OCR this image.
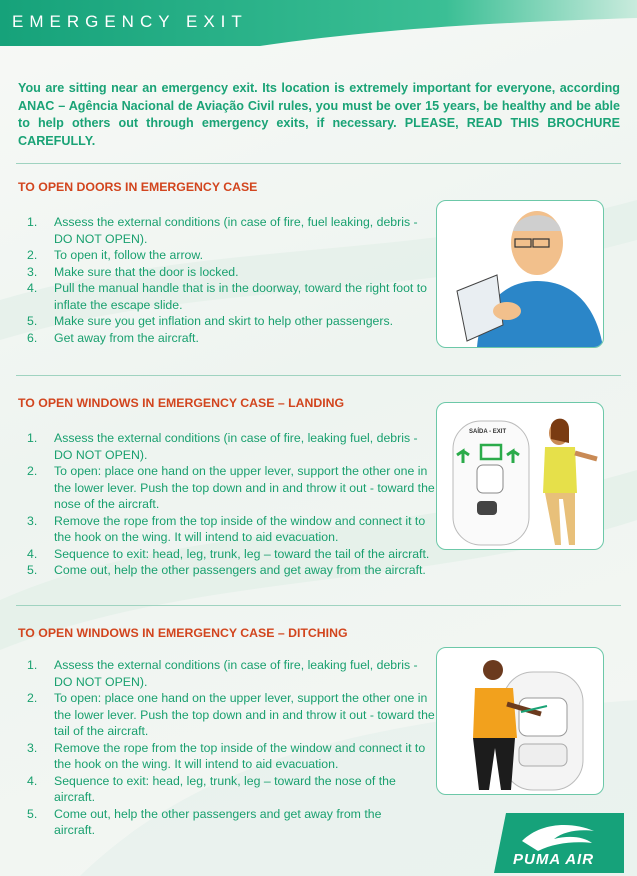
EMERGENCY EXIT
You are sitting near an emergency exit. Its location is extremely important for everyone, according ANAC – Agência Nacional de Aviação Civil rules, you must be over 15 years, be healthy and be able to help others out through emergency exits, if necessary. PLEASE, READ THIS BROCHURE CAREFULLY.
TO OPEN DOORS IN EMERGENCY CASE
1. Assess the external conditions (in case of fire, fuel leaking, debris - DO NOT OPEN).
2. To open it, follow the arrow.
3. Make sure that the door is locked.
4. Pull the manual handle that is in the doorway, toward the right foot to inflate the escape slide.
5. Make sure you get inflation and skirt to help other passengers.
6. Get away from the aircraft.
TO OPEN WINDOWS IN EMERGENCY CASE – LANDING
1. Assess the external conditions (in case of fire, leaking fuel, debris - DO NOT OPEN).
2. To open: place one hand on the upper lever, support the other one in the lower lever. Push the top down and in and throw it out - toward the nose of the aircraft.
3. Remove the rope from the top inside of the window and connect it to the hook on the wing. It will intend to aid evacuation.
4. Sequence to exit: head, leg, trunk, leg – toward the tail of the aircraft.
5. Come out, help the other passengers and get away from the aircraft.
SAÍDA - EXIT
TO OPEN WINDOWS IN EMERGENCY CASE – DITCHING
1. Assess the external conditions (in case of fire, leaking fuel, debris - DO NOT OPEN).
2. To open: place one hand on the upper lever, support the other one in the lower lever. Push the top down and in and throw it out - toward the tail of the aircraft.
3. Remove the rope from the top inside of the window and connect it to the hook on the wing. It will intend to aid evacuation.
4. Sequence to exit: head, leg, trunk, leg – toward the nose of the aircraft.
5. Come out, help the other passengers and get away from the aircraft.
PUMA AIR
